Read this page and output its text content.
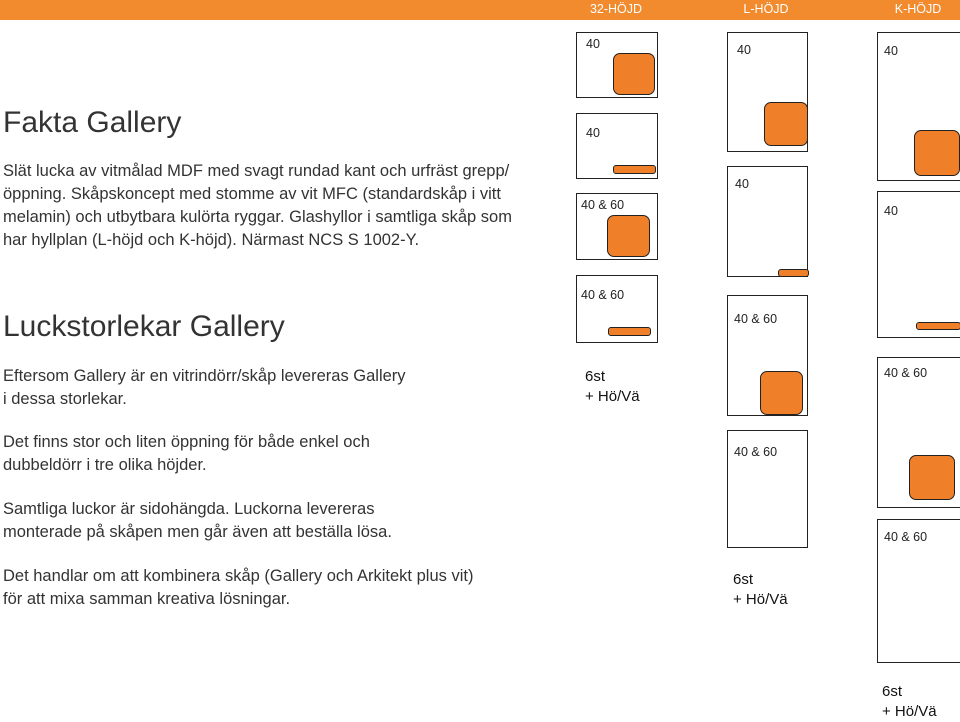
32-HÖJD	L-HÖJD	K-HÖJD
Fakta Gallery
Slät lucka av vitmålad MDF med svagt rundad kant och urfräst grepp/
öppning. Skåpskoncept med stomme av vit MFC (standardskåp i vitt
melamin) och utbytbara kulörta ryggar. Glashyllor i samtliga skåp som
har hyllplan (L-höjd och K-höjd). Närmast NCS S 1002-Y.
Luckstorlekar Gallery
Eftersom Gallery är en vitrindörr/skåp levereras Gallery
i dessa storlekar.
Det finns stor och liten öppning för både enkel och
dubbeldörr i tre olika höjder.
Samtliga luckor är sidohängda. Luckorna levereras
monterade på skåpen men går även att beställa lösa.
Det handlar om att kombinera skåp (Gallery och Arkitekt plus vit)
för att mixa samman kreativa lösningar.
40
40
40 & 60
40 & 60
6st
+ Hö/Vä
40
40
40 & 60
40 & 60
6st
+ Hö/Vä
40
40
40 & 60
40 & 60
6st
+ Hö/Vä
